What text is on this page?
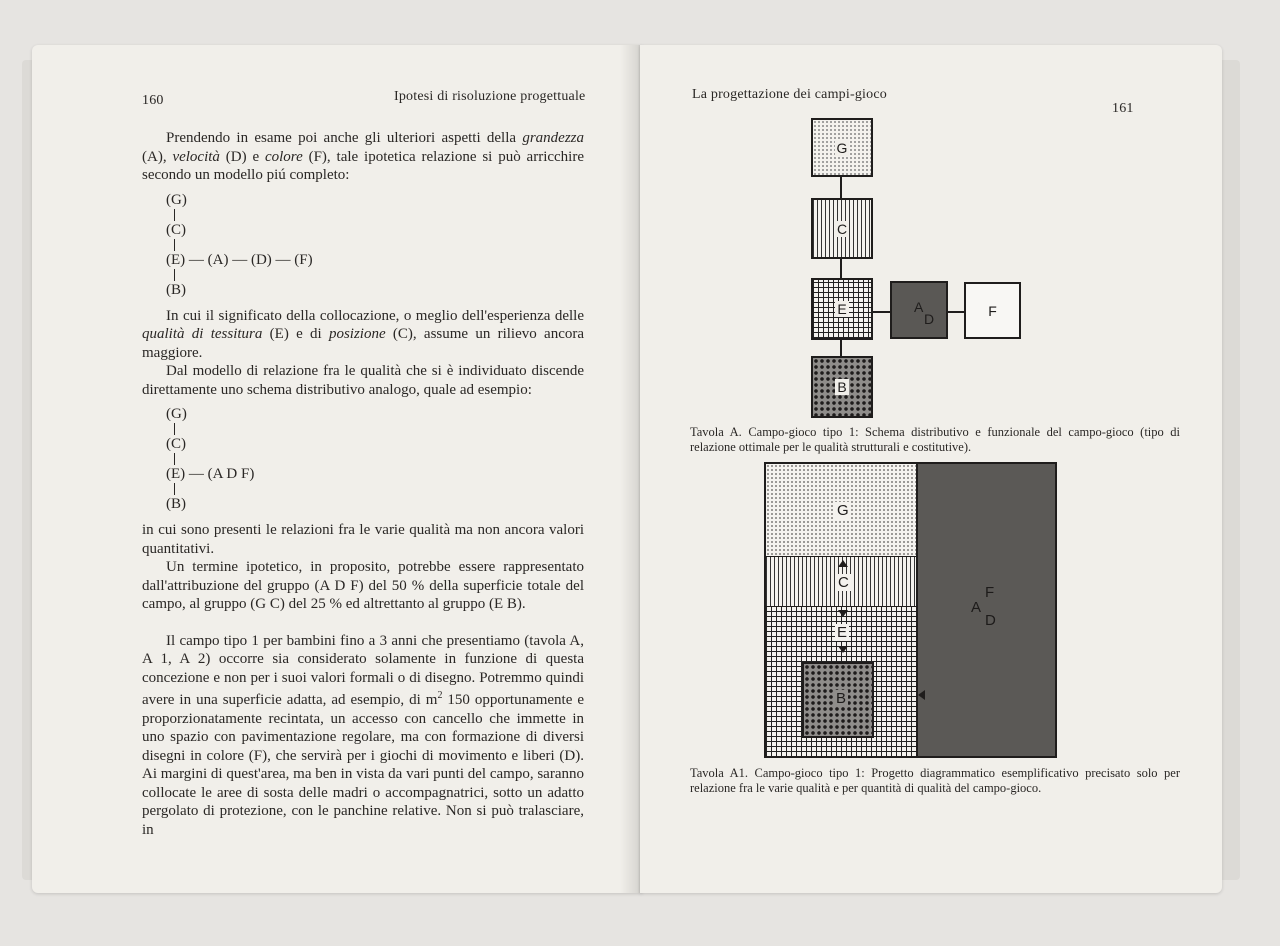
160	Ipotesi di risoluzione progettuale

Prendendo in esame poi anche gli ulteriori aspetti della grandezza (A), velocità (D) e colore (F), tale ipotetica relazione si può arricchire secondo un modello piú completo:

(G)
(C)
(E) — (A) — (D) — (F)
(B)

In cui il significato della collocazione, o meglio dell'esperienza delle qualità di tessitura (E) e di posizione (C), assume un rilievo ancora maggiore.

Dal modello di relazione fra le qualità che si è individuato discende direttamente uno schema distributivo analogo, quale ad esempio:

(G)
(C)
(E) — (A D F)
(B)

in cui sono presenti le relazioni fra le varie qualità ma non ancora valori quantitativi.

Un termine ipotetico, in proposito, potrebbe essere rappresentato dall'attribuzione del gruppo (A D F) del 50 % della superficie totale del campo, al gruppo (G C) del 25 % ed altrettanto al gruppo (E B).

Il campo tipo 1 per bambini fino a 3 anni che presentiamo (tavola A, A 1, A 2) occorre sia considerato solamente in funzione di questa concezione e non per i suoi valori formali o di disegno. Potremmo quindi avere in una superficie adatta, ad esempio, di $m^2$ 150 opportunamente e proporzionatamente recintata, un accesso con cancello che immette in uno spazio con pavimentazione regolare, ma con formazione di diversi disegni in colore (F), che servirà per i giochi di movimento e liberi (D). Ai margini di quest'area, ma ben in vista da vari punti del campo, saranno collocate le aree di sosta delle madri o accompagnatrici, sotto un adatto pergolato di protezione, con le panchine relative. Non si può tralasciare, in

La progettazione dei campi-gioco
161
G
C
E	A
D
F
B
Tavola A. Campo-gioco tipo 1: Schema distributivo e funzionale del campo-gioco (tipo di relazione ottimale per le qualità strutturali e costitutive).
G
C
E
B
A
F
D
Tavola A1. Campo-gioco tipo 1: Progetto diagrammatico esemplificativo precisato solo per relazione fra le varie qualità e per quantità di qualità del campo-gioco.
